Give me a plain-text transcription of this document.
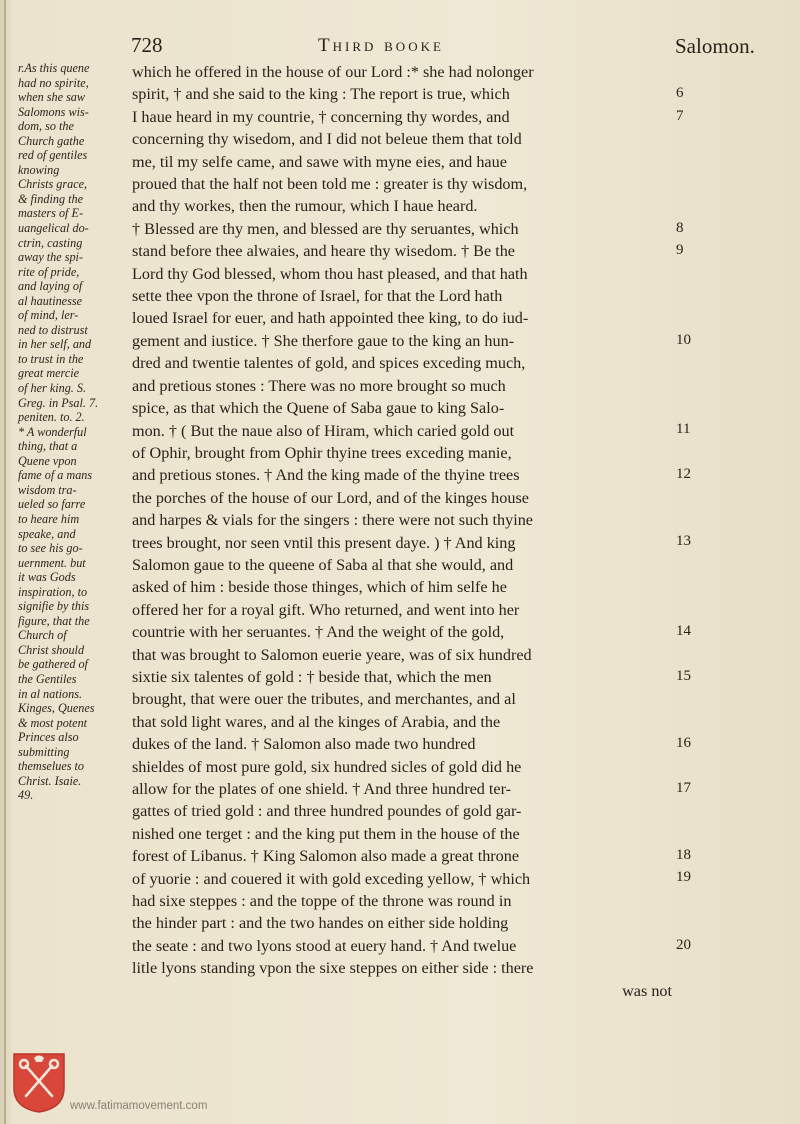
728	Third booke	Salomon.
r.As this quene
had no spirite,
when she saw
Salomons wis-
dom, so the
Church gathe
red of gentiles
knowing
Christs grace,
& finding the
masters of E-
uangelical do-
ctrin, casting
away the spi-
rite of pride,
and laying of
al hautinesse
of mind, ler-
ned to distrust
in her self, and
to trust in the
great mercie
of her king. S.
Greg. in Psal. 7.
peniten. to. 2.
* A wonderful
thing, that a
Quene vpon
fame of a mans
wisdom tra-
ueled so farre
to heare him
speake, and
to see his go-
uernment. but
it was Gods
inspiration, to
signifie by this
figure, that the
Church of
Christ should
be gathered of
the Gentiles
in al nations.
Kinges, Quenes
& most potent
Princes also
submitting
themselues to
Christ. Isaie.
49.
which he offered in the house of our Lord :* she had nolonger
spirit, † and she said to the king : The report is true, which
I haue heard in my countrie, † concerning thy wordes, and
concerning thy wisedom, and I did not beleue them that told
me, til my selfe came, and sawe with myne eies, and haue
proued that the half not been told me : greater is thy wisdom,
and thy workes, then the rumour, which I haue heard.
† Blessed are thy men, and blessed are thy seruantes, which
stand before thee alwaies, and heare thy wisedom. † Be the
Lord thy God blessed, whom thou hast pleased, and that hath
sette thee vpon the throne of Israel, for that the Lord hath
loued Israel for euer, and hath appointed thee king, to do iud-
gement and iustice. † She therfore gaue to the king an hun-
dred and twentie talentes of gold, and spices exceding much,
and pretious stones : There was no more brought so much
spice, as that which the Quene of Saba gaue to king Salo-
mon. † ( But the naue also of Hiram, which caried gold out
of Ophir, brought from Ophir thyine trees exceding manie,
and pretious stones. † And the king made of the thyine trees
the porches of the house of our Lord, and of the kinges house
and harpes & vials for the singers : there were not such thyine
trees brought, nor seen vntil this present daye. ) † And king
Salomon gaue to the queene of Saba al that she would, and
asked of him : beside those thinges, which of him selfe he
offered her for a royal gift. Who returned, and went into her
countrie with her seruantes. † And the weight of the gold,
that was brought to Salomon euerie yeare, was of six hundred
sixtie six talentes of gold : † beside that, which the men
brought, that were ouer the tributes, and merchantes, and al
that sold light wares, and al the kinges of Arabia, and the
dukes of the land. † Salomon also made two hundred
shieldes of most pure gold, six hundred sicles of gold did he
allow for the plates of one shield. † And three hundred ter-
gattes of tried gold : and three hundred poundes of gold gar-
nished one terget : and the king put them in the house of the
forest of Libanus. † King Salomon also made a great throne
of yuorie : and couered it with gold exceding yellow, † which
had sixe steppes : and the toppe of the throne was round in
the hinder part : and the two handes on either side holding
the seate : and two lyons stood at euery hand. † And twelue
litle lyons standing vpon the sixe steppes on either side : there
was not
6
7
8
9
10
11
12
13
14
15
16
17
18
19
20
www.fatimamovement.com
